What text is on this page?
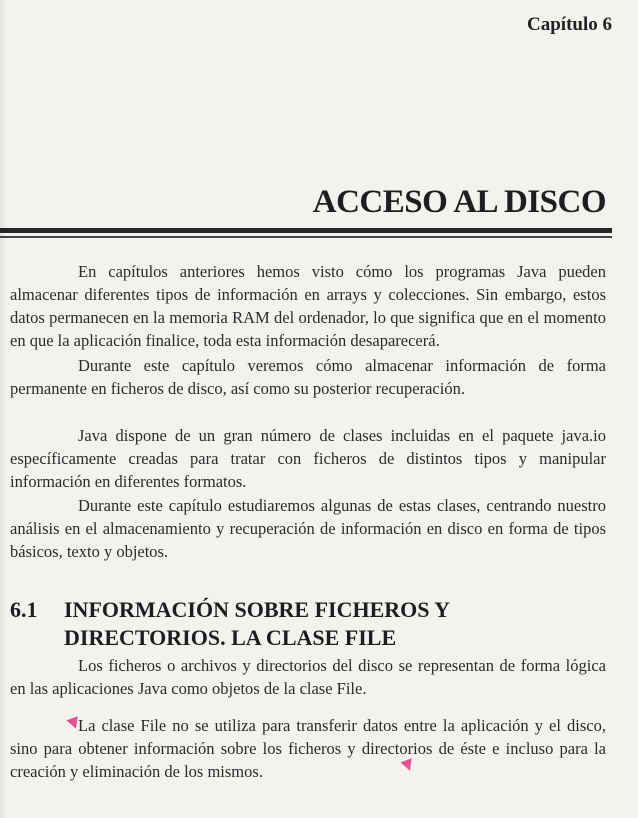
Capítulo 6
ACCESO AL DISCO

En capítulos anteriores hemos visto cómo los programas Java pueden almacenar diferentes tipos de información en arrays y colecciones. Sin embargo, estos datos permanecen en la memoria RAM del ordenador, lo que significa que en el momento en que la aplicación finalice, toda esta información desaparecerá.

Durante este capítulo veremos cómo almacenar información de forma permanente en ficheros de disco, así como su posterior recuperación.

Java dispone de un gran número de clases incluidas en el paquete java.io específicamente creadas para tratar con ficheros de distintos tipos y manipular información en diferentes formatos.

Durante este capítulo estudiaremos algunas de estas clases, centrando nuestro análisis en el almacenamiento y recuperación de información en disco en forma de tipos básicos, texto y objetos.

6.1 INFORMACIÓN SOBRE FICHEROS Y
DIRECTORIOS. LA CLASE FILE

Los ficheros o archivos y directorios del disco se representan de forma lógica en las aplicaciones Java como objetos de la clase File.

La clase File no se utiliza para transferir datos entre la aplicación y el disco, sino para obtener información sobre los ficheros y directorios de éste e incluso para la creación y eliminación de los mismos.
